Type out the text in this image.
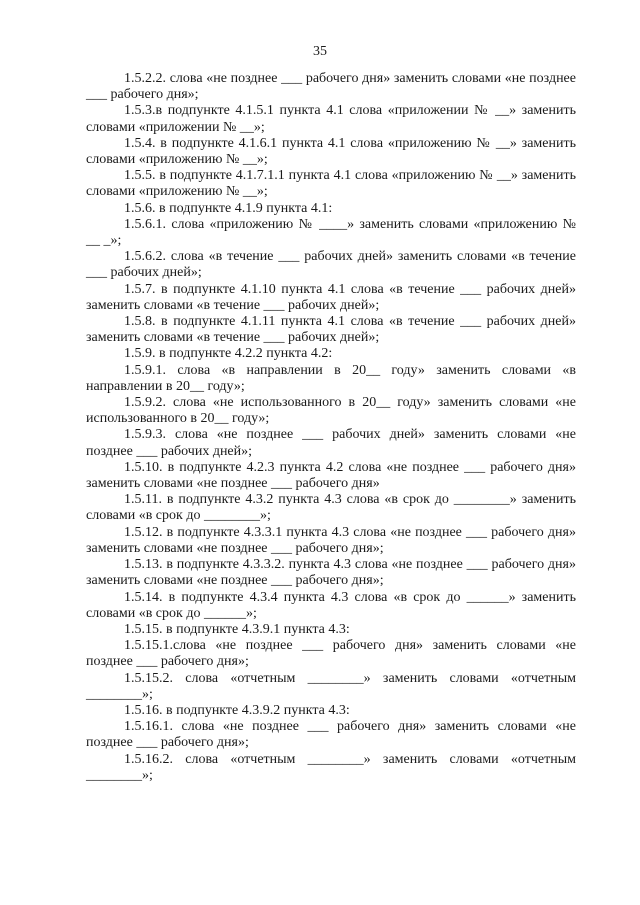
35

1.5.2.2. слова «не позднее ___ рабочего дня» заменить словами «не позднее ___ рабочего дня»;

1.5.3.в подпункте 4.1.5.1 пункта 4.1 слова «приложении № __» заменить словами «приложении № __»;

1.5.4. в подпункте 4.1.6.1 пункта 4.1 слова «приложению № __» заменить словами «приложению № __»;

1.5.5. в подпункте 4.1.7.1.1 пункта 4.1 слова «приложению № __» заменить словами «приложению № __»;

1.5.6. в подпункте 4.1.9 пункта 4.1:

1.5.6.1. слова «приложению № ____» заменить словами «приложению № __ _»;

1.5.6.2. слова «в течение ___ рабочих дней» заменить словами «в течение ___ рабочих дней»;

1.5.7. в подпункте 4.1.10 пункта 4.1 слова «в течение ___ рабочих дней» заменить словами «в течение ___ рабочих дней»;

1.5.8. в подпункте 4.1.11 пункта 4.1 слова «в течение ___ рабочих дней» заменить словами «в течение ___ рабочих дней»;

1.5.9. в подпункте 4.2.2 пункта 4.2:

1.5.9.1. слова «в направлении в 20__ году» заменить словами «в направлении в 20__ году»;

1.5.9.2. слова «не использованного в 20__ году» заменить словами «не использованного в 20__ году»;

1.5.9.3. слова «не позднее ___ рабочих дней» заменить словами «не позднее ___ рабочих дней»;

1.5.10. в подпункте 4.2.3 пункта 4.2 слова «не позднее ___ рабочего дня» заменить словами «не позднее ___ рабочего дня»

1.5.11. в подпункте 4.3.2 пункта 4.3 слова «в срок до ________» заменить словами «в срок до ________»;

1.5.12. в подпункте 4.3.3.1 пункта 4.3 слова «не позднее ___ рабочего дня» заменить словами «не позднее ___ рабочего дня»;

1.5.13. в подпункте 4.3.3.2. пункта 4.3 слова «не позднее ___ рабочего дня» заменить словами «не позднее ___ рабочего дня»;

1.5.14. в подпункте 4.3.4 пункта 4.3 слова «в срок до ______» заменить словами «в срок до ______»;

1.5.15. в подпункте 4.3.9.1 пункта 4.3:

1.5.15.1.слова «не позднее ___ рабочего дня» заменить словами «не позднее ___ рабочего дня»;

1.5.15.2. слова «отчетным ________» заменить словами «отчетным ________»;

1.5.16. в подпункте 4.3.9.2 пункта 4.3:

1.5.16.1. слова «не позднее ___ рабочего дня» заменить словами «не позднее ___ рабочего дня»;

1.5.16.2. слова «отчетным ________» заменить словами «отчетным ________»;
